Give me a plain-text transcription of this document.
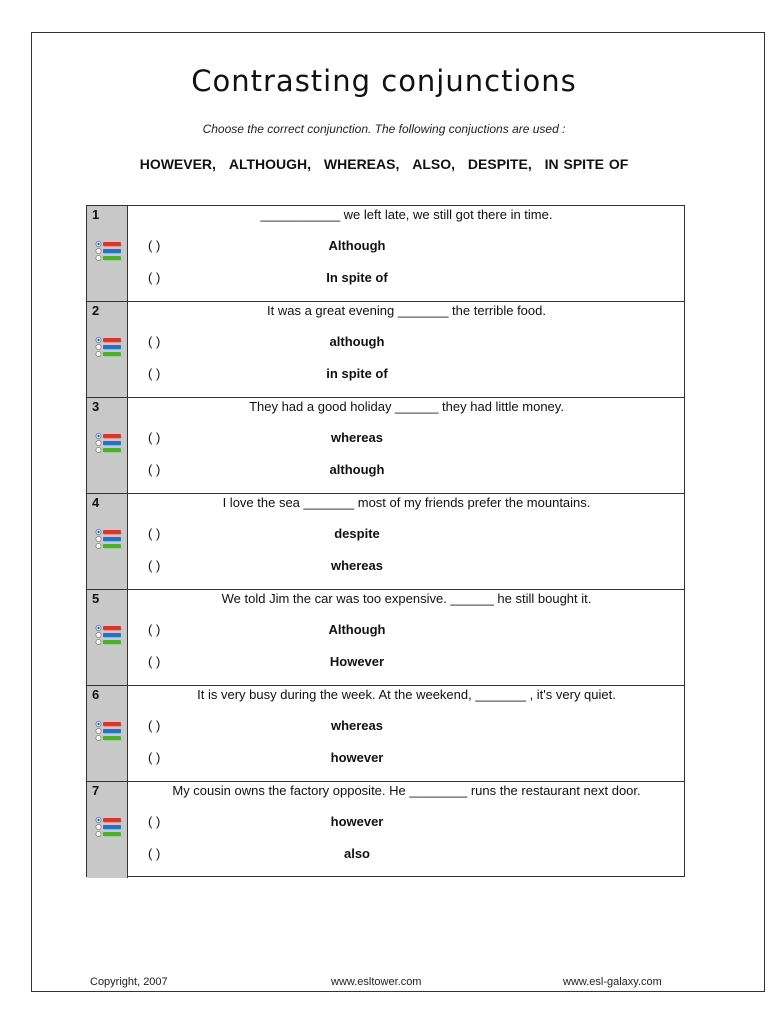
Contrasting conjunctions
Choose the correct conjunction. The following conjuctions are used :
HOWEVER, ALTHOUGH, WHEREAS, ALSO, DESPITE, IN SPITE OF
1	___________ we left late, we still got there in time.
( )	Although
( )	In spite of
2	It was a great evening _______ the terrible food.
( )	although
( )	in spite of
3	They had a good holiday ______ they had little money.
( )	whereas
( )	although
4	I love the sea _______ most of my friends prefer the mountains.
( )	despite
( )	whereas
5	We told Jim the car was too expensive. ______ he still bought it.
( )	Although
( )	However
6	It is very busy during the week. At the weekend, _______ , it's very quiet.
( )	whereas
( )	however
7	My cousin owns the factory opposite. He ________ runs the restaurant next door.
( )	however
( )	also
Copyright, 2007	www.esltower.com	www.esl-galaxy.com
